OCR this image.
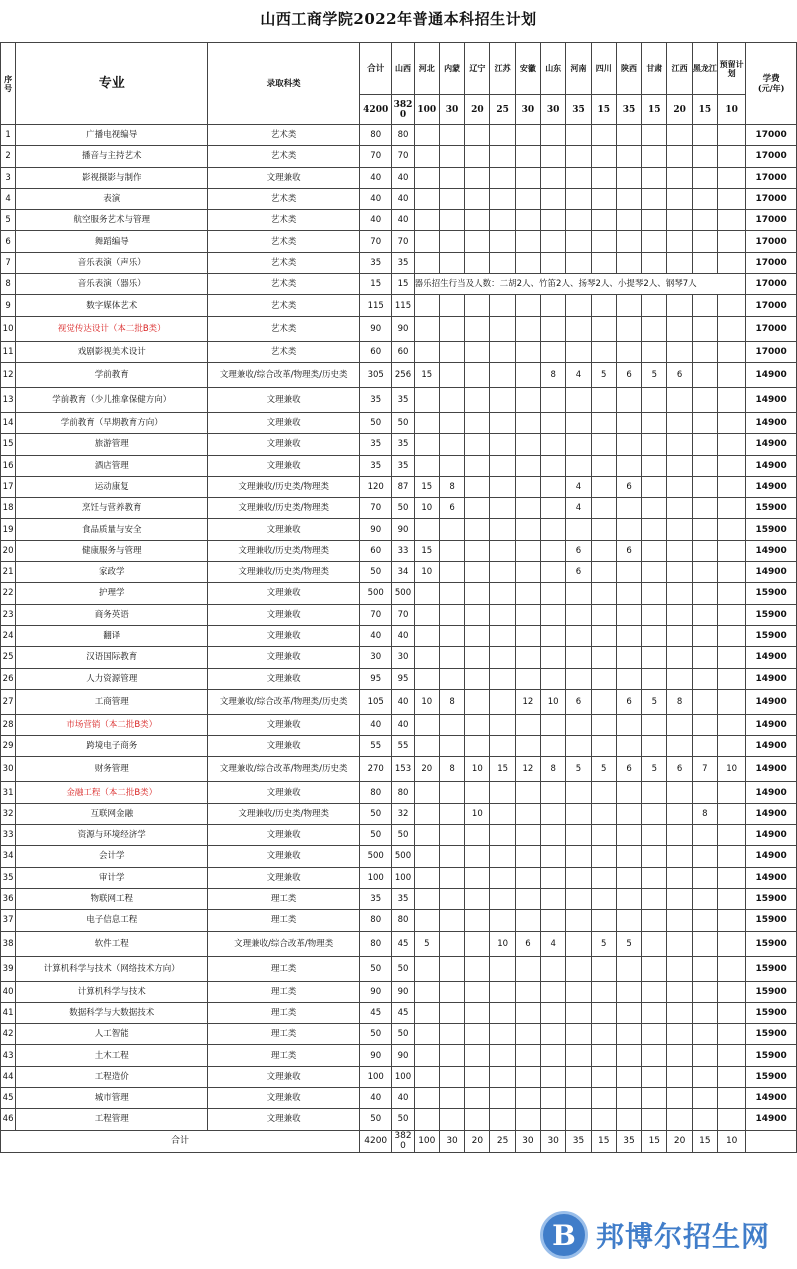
山西工商学院2022年普通本科招生计划
序号	专业	录取科类	合计	山西	河北	内蒙	辽宁	江苏	安徽	山东	河南	四川	陕西	甘肃	江西	黑龙江	预留计划	学费
(元/年)

			4200	3820	100	30	20	25	30	30	35	15	35	15	20	15	10	
1	广播电视编导	艺术类	80	80														17000
2	播音与主持艺术	艺术类	70	70														17000
3	影视摄影与制作	文理兼收	40	40														17000
4	表演	艺术类	40	40														17000
5	航空服务艺术与管理	艺术类	40	40														17000
6	舞蹈编导	艺术类	70	70														17000
7	音乐表演（声乐）	艺术类	35	35														17000
8	音乐表演（器乐）	艺术类	15	15	器乐招生行当及人数：二胡2人、竹笛2人、扬琴2人、小提琴2人、钢琴7人													17000
9	数字媒体艺术	艺术类	115	115														17000
10	视觉传达设计（本二批B类）	艺术类	90	90														17000
11	戏剧影视美术设计	艺术类	60	60														17000
12	学前教育	文理兼收/综合改革/物理类/历史类	305	256	15					8	4	5	6	5	6			14900
13	学前教育（少儿推拿保健方向）	文理兼收	35	35														14900
14	学前教育（早期教育方向）	文理兼收	50	50														14900
15	旅游管理	文理兼收	35	35														14900
16	酒店管理	文理兼收	35	35														14900
17	运动康复	文理兼收/历史类/物理类	120	87	15	8					4		6					14900
18	烹饪与营养教育	文理兼收/历史类/物理类	70	50	10	6					4							15900
19	食品质量与安全	文理兼收	90	90														15900
20	健康服务与管理	文理兼收/历史类/物理类	60	33	15						6		6					14900
21	家政学	文理兼收/历史类/物理类	50	34	10						6							14900
22	护理学	文理兼收	500	500														15900
23	商务英语	文理兼收	70	70														15900
24	翻译	文理兼收	40	40														15900
25	汉语国际教育	文理兼收	30	30														14900
26	人力资源管理	文理兼收	95	95														14900
27	工商管理	文理兼收/综合改革/物理类/历史类	105	40	10	8			12	10	6		6	5	8			14900
28	市场营销（本二批B类）	文理兼收	40	40														14900
29	跨境电子商务	文理兼收	55	55														14900
30	财务管理	文理兼收/综合改革/物理类/历史类	270	153	20	8	10	15	12	8	5	5	6	5	6	7	10	14900
31	金融工程（本二批B类）	文理兼收	80	80														14900
32	互联网金融	文理兼收/历史类/物理类	50	32			10									8		14900
33	资源与环境经济学	文理兼收	50	50														14900
34	会计学	文理兼收	500	500														14900
35	审计学	文理兼收	100	100														14900
36	物联网工程	理工类	35	35														15900
37	电子信息工程	理工类	80	80														15900
38	软件工程	文理兼收/综合改革/物理类	80	45	5			10	6	4		5	5					15900
39	计算机科学与技术（网络技术方向）	理工类	50	50														15900
40	计算机科学与技术	理工类	90	90														15900
41	数据科学与大数据技术	理工类	45	45														15900
42	人工智能	理工类	50	50														15900
43	土木工程	理工类	90	90														15900
44	工程造价	文理兼收	100	100														15900
45	城市管理	文理兼收	40	40														14900
46	工程管理	文理兼收	50	50														14900
合计			4200	3820	100	30	20	25	30	30	35	15	35	15	20	15	10	
B 邦博尔招生网
